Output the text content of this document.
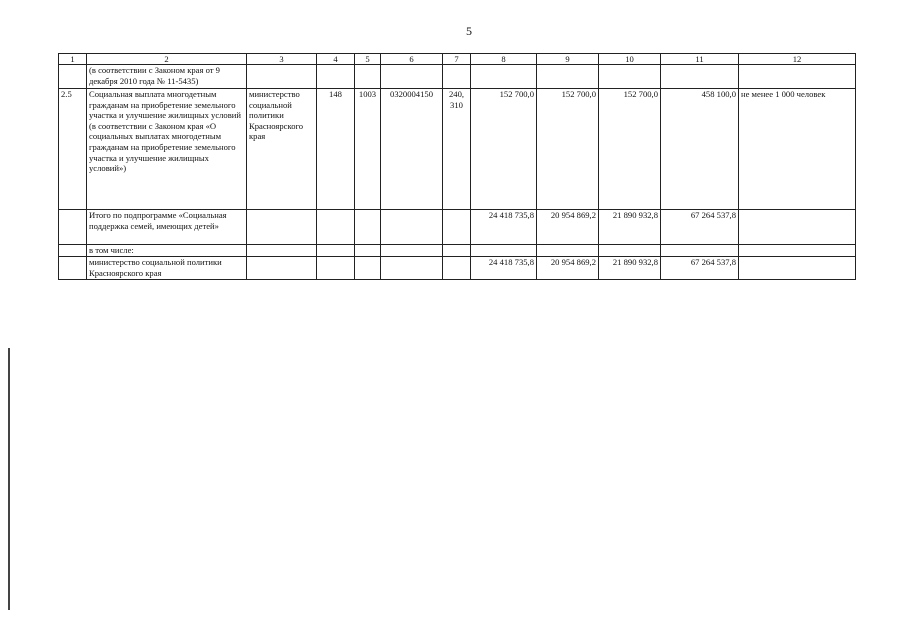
5
1	2	3	4	5	6	7	8	9	10	11	12
	(в соответствии с Законом края от 9 декабря 2010 года № 11-5435)										
2.5	Социальная выплата многодетным гражданам на приобретение земельного участка и улучшение жилищных условий (в соответствии с Законом края «О социальных выплатах многодетным гражданам на приобретение земельного участка и улучшение жилищных условий»)	министерство социальной политики Красноярского края	148	1003	0320004150	240, 310	152 700,0	152 700,0	152 700,0	458 100,0	не менее 1 000 человек
	Итого по подпрограмме «Социальная поддержка семей, имеющих детей»						24 418 735,8	20 954 869,2	21 890 932,8	67 264 537,8	
	в том числе:										
	министерство социальной политики Красноярского края						24 418 735,8	20 954 869,2	21 890 932,8	67 264 537,8	
